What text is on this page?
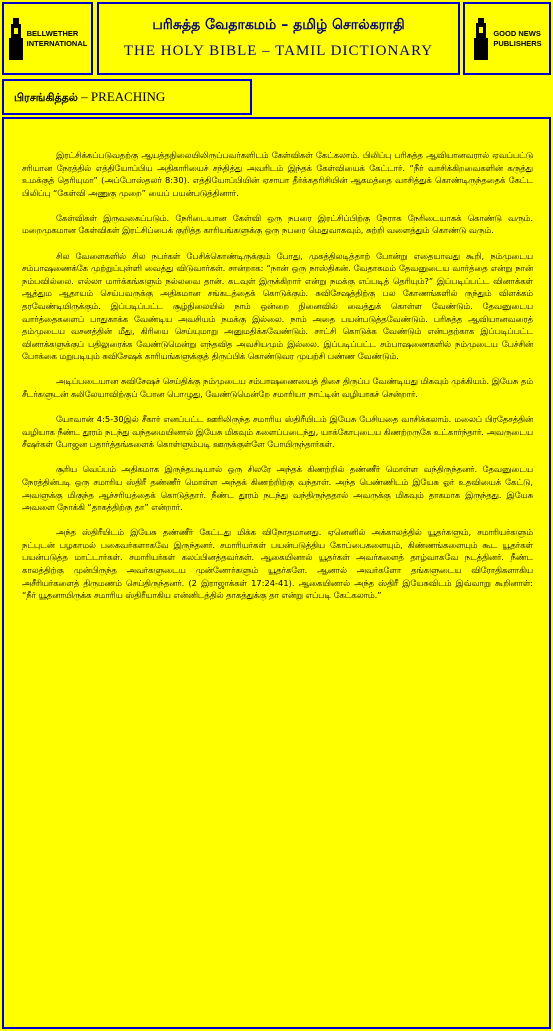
BELLWETHER
INTERNATIONAL
பரிசுத்த வேதாகமம் – தமிழ் சொல்கராதி
THE HOLY BIBLE – TAMIL DICTIONARY
GOOD NEWS
PUBLISHERS
பிரசங்கித்தல் – PREACHING

இரட்சிக்கப்படுவதற்கு ஆயத்தநிலையிலிருப்பவர்களிடம் கேள்விகள் கேட்கலாம். பிலிப்பு பரிசுத்த ஆவியானவரால் ஏவப்பட்டு சரியான நேரத்தில் எத்தியோப்பிய அதிகாரியைச் சந்தித்து அவரிடம் இந்தக் கேள்வியைக் கேட்டார். “நீர் வாசிக்கிறவைகளின் கருத்து உமக்குத் தெரியுமா” (அப்போஸ்தலர் 8:30). எத்தியோப்பியின் ஏசாயா தீர்க்கதரிசியின் ஆகமத்தை வாசித்துக் கொண்டிருந்ததைக் கேட்ட பிலிப்பு “கேள்வி அணுகு முறை” யைப் பயன்படுத்தினார்.

கேள்விகள் இருவகைப்படும். நேரிடையான கேள்வி ஒரு நபரை இரட்சிப்பிற்கு நேராக நேரிடையாகக் கொண்டு வரும். மறைமுகமான கேள்விகள் இரட்சிப்பைக் குறித்த காரியங்களுக்கு ஒரு நபரை மெதுவாகவும், சுற்றி வளைத்தும் கொண்டு வரும்.

சில வேளைகளில் சில நபர்கள் பேசிக்கொண்டிருக்கும் போது, முகத்திலடித்தாற் போன்று எதையாவது கூறி, நம்முடைய சம்பாஷணைக்கே முற்றுப்புள்ளி வைத்து விடுவார்கள். சான்றாக: “நான் ஒரு நாஸ்திகன். வேதாகமம் தேவனுடைய வார்த்தை என்று நான் நம்பவில்லை. எல்லா மார்க்கங்களும் நல்லவை தான். கடவுள் இருக்கிறார் என்று நமக்கு எப்படித் தெரியும்?” இப்படிப்பட்ட வினாக்கள் ஆத்தும ஆதாயம் செய்பவருக்கு அதிகமான சங்கடத்தைக் கொடுக்கும். சுவிசேஷத்திற்கு பல கோணங்களில் ருந்தும் விளக்கம் தரவேண்டியிருக்கும். இப்படிப்பட்ட சூழ்நிலையில் நாம் ஒன்றை நினைவில் வைத்துக் கொள்ள வேண்டும். தேவனுடைய வார்த்தைகளைப் பாதுகாக்க வேண்டிய அவசியம் நமக்கு இல்லை. நாம் அதை பயன்படுத்தவேண்டும். பரிசுத்த ஆவியானவரைத் தம்முடைய வசனத்தின் மீது, கிரியை செய்யுமாறு அனுமதிக்கவேண்டும். சாட்சி கொடுக்க வேண்டும் என்பதற்காக இப்படிப்பட்ட வினாக்களுக்குப் பதிலுரைக்க வேண்டுமென்று எந்தவித அவசியமும் இல்லை. இப்படிப்பட்ட சம்பாஷணைகளில் நம்முடைய பேச்சின் போக்கை மறுபடியும் சுவிசேஷக் காரியங்களுக்குத் திருப்பிக் கொண்டுவர முயற்சி பண்ண வேண்டும்.

அடிப்படையான சுவிசேஷச் செய்திக்கு நம்முடைய சம்பாஷணையைத் திசை திருப்ப வேண்டியது மிகவும் முக்கியம். இயேசு தம் சீடர்களுடன் கலிலேயாவிற்குப் போன பொழுது, வேண்டுமென்றே சமாரியா நாட்டின் வழியாகச் சென்றார்.

யோவான் 4:5-30இல் சீகார் எனப்பட்ட ஊரிலிருந்த சமாரிய ஸ்திரீயிடம் இயேசு பேசியதை வாசிக்கலாம். மலைப் பிரதேசத்தின் வழியாக நீண்ட தூரம் நடந்து வந்தமையினால் இயேசு மிகவும் களைப்படைந்து, யாக்கோபுடைய கிணற்றருகே உட்கார்ந்தார். அவருடைய சீஷர்கள் போஜன பதார்த்தங்களைக் கொள்ளும்படி ஊருக்குள்ளே போயிருந்தார்கள்.

சூரிய வெப்பம் அதிகமாக இருந்தபடியால் ஒரு சிலரே அந்தக் கிணற்றில் தண்ணீர் மொள்ள வந்திருந்தனர். தேவனுடைய நேரத்தின்படி ஒரு சமாரிய ஸ்திரீ தண்ணீர் மொள்ள அந்தக் கிணற்றிற்கு வந்தாள். அந்த பெண்ணிடம் இயேசு ஓர் உதவியைக் கேட்டு, அவளுக்கு மிகுந்த ஆச்சரியத்தைக் கொடுத்தார். நீண்ட தூரம் நடந்து வந்திருந்ததால் அவருக்கு மிகவும் தாகமாக இருந்தது. இயேசு அவளை நோக்கி “தாகத்திற்கு தா” என்றார்.

அந்த ஸ்திரீயிடம் இயேசு தண்ணீர் கேட்டது மிக்க விநோதமானது. ஏனெனில் அக்காலத்தில் யூதர்களும், சமாரியர்களும் நட்புடன் பழகாமல் பகைவர்களாகவே இருந்தனர். சமாரியர்கள் பயன்படுத்திய கோப்பைகளையும், கிண்ணங்களையும் கூட யூதர்கள் பயன்படுத்த மாட்டார்கள். சமாரியர்கள் கலப்பினத்தவர்கள். ஆகையினால் யூதர்கள் அவர்களைத் தாழ்வாகவே நடத்தினர். நீண்ட காலத்திற்கு முன்பிருந்த அவர்களுடைய முன்னோர்களும் யூதர்களே. ஆனால் அவர்களோ தங்களுடைய விரோதிகளாகிய அசீரியர்களைத் திருமணம் செய்திருந்தனர். (2 இராஜாக்கள் 17:24-41). ஆகையினால் அந்த ஸ்திரீ இயேசுவிடம் இவ்வாறு கூறினாள்: “நீர் யூதனாயிருக்க சமாரிய ஸ்திரீயாகிய என்னிடத்தில் தாகத்துக்கு தா என்று எப்படி கேட்கலாம்.”
